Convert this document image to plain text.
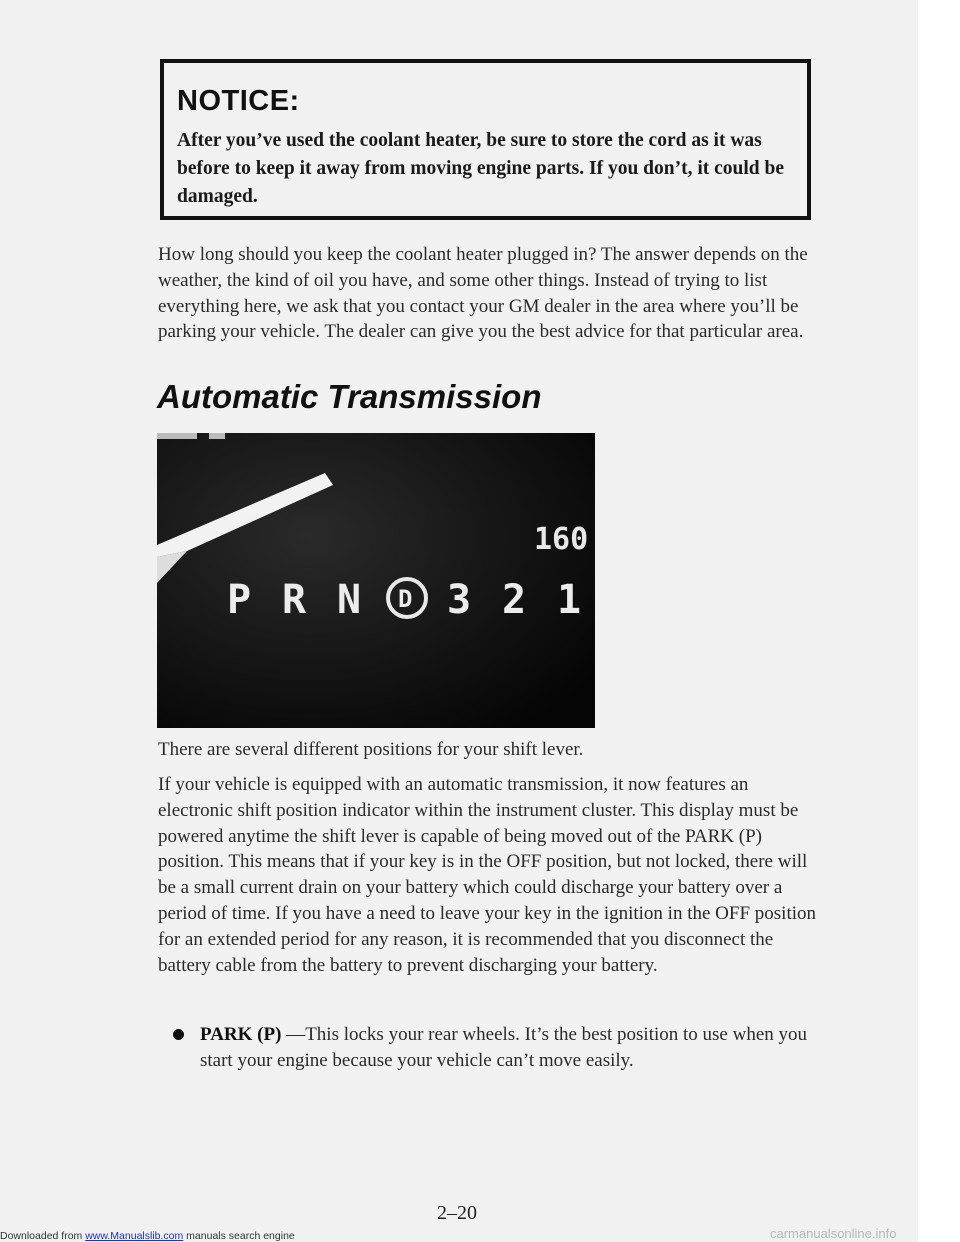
NOTICE:
After you’ve used the coolant heater, be sure to store the cord as it was before to keep it away from moving engine parts. If you don’t, it could be damaged.
How long should you keep the coolant heater plugged in? The answer depends on the weather, the kind of oil you have, and some other things. Instead of trying to list everything here, we ask that you contact your GM dealer in the area where you’ll be parking your vehicle. The dealer can give you the best advice for that particular area.
Automatic Transmission
160
P R N D 3 2 1
There are several different positions for your shift lever.
If your vehicle is equipped with an automatic transmission, it now features an electronic shift position indicator within the instrument cluster. This display must be powered anytime the shift lever is capable of being moved out of the PARK (P) position. This means that if your key is in the OFF position, but not locked, there will be a small current drain on your battery which could discharge your battery over a period of time. If you have a need to leave your key in the ignition in the OFF position for an extended period for any reason, it is recommended that you disconnect the battery cable from the battery to prevent discharging your battery.
PARK (P) —This locks your rear wheels. It’s the best position to use when you start your engine because your vehicle can’t move easily.
2–20
Downloaded from www.Manualslib.com manuals search engine	carmanualsonline.info
